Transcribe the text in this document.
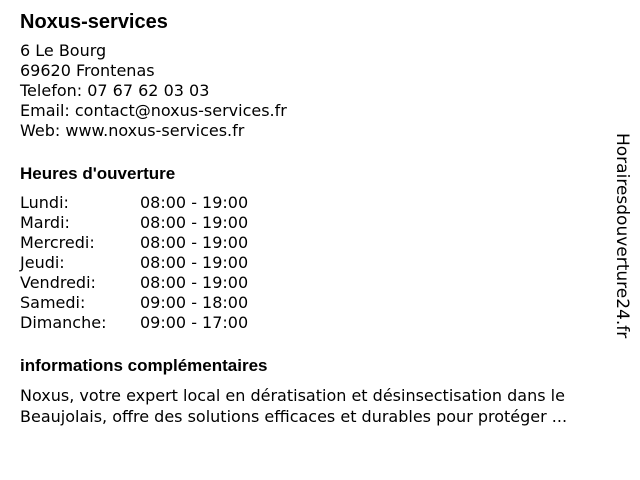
Noxus-services
6 Le Bourg
69620 Frontenas
Telefon: 07 67 62 03 03
Email: contact@noxus-services.fr
Web: www.noxus-services.fr
Heures d'ouverture
Lundi:	08:00 - 19:00
Mardi:	08:00 - 19:00
Mercredi:	08:00 - 19:00
Jeudi:	08:00 - 19:00
Vendredi:	08:00 - 19:00
Samedi:	09:00 - 18:00
Dimanche:	09:00 - 17:00
informations complémentaires
Noxus, votre expert local en dératisation et désinsectisation dans le
Beaujolais, offre des solutions efficaces et durables pour protéger ...
Horairesdouverture24.fr
